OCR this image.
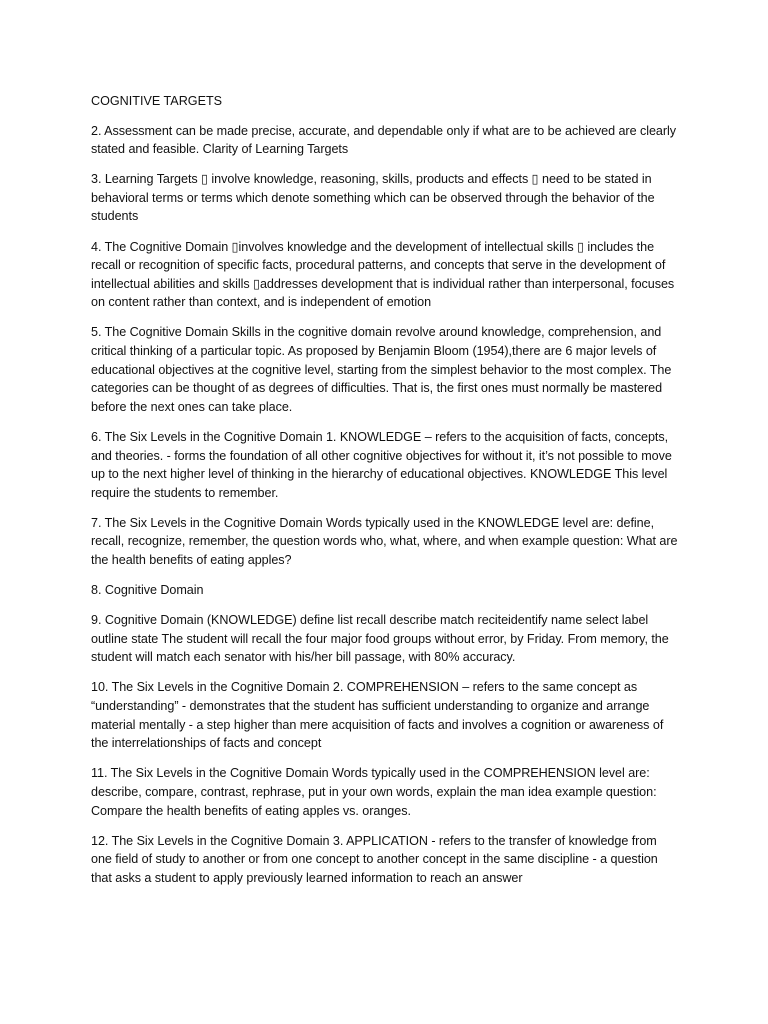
COGNITIVE TARGETS

2. Assessment can be made precise, accurate, and dependable only if what are to be achieved are clearly stated and feasible. Clarity of Learning Targets

3. Learning Targets ▯ involve knowledge, reasoning, skills, products and effects ▯ need to be stated in behavioral terms or terms which denote something which can be observed through the behavior of the students

4. The Cognitive Domain ▯involves knowledge and the development of intellectual skills ▯ includes the recall or recognition of specific facts, procedural patterns, and concepts that serve in the development of intellectual abilities and skills ▯addresses development that is individual rather than interpersonal, focuses on content rather than context, and is independent of emotion

5. The Cognitive Domain Skills in the cognitive domain revolve around knowledge, comprehension, and critical thinking of a particular topic. As proposed by Benjamin Bloom (1954),there are 6 major levels of educational objectives at the cognitive level, starting from the simplest behavior to the most complex. The categories can be thought of as degrees of difficulties. That is, the first ones must normally be mastered before the next ones can take place.

6. The Six Levels in the Cognitive Domain 1. KNOWLEDGE – refers to the acquisition of facts, concepts, and theories. - forms the foundation of all other cognitive objectives for without it, it’s not possible to move up to the next higher level of thinking in the hierarchy of educational objectives. KNOWLEDGE This level require the students to remember.

7. The Six Levels in the Cognitive Domain Words typically used in the KNOWLEDGE level are: define, recall, recognize, remember, the question words who, what, where, and when example question: What are the health benefits of eating apples?

8. Cognitive Domain

9. Cognitive Domain (KNOWLEDGE) define list recall describe match reciteidentify name select label outline state The student will recall the four major food groups without error, by Friday. From memory, the student will match each senator with his/her bill passage, with 80% accuracy.

10. The Six Levels in the Cognitive Domain 2. COMPREHENSION – refers to the same concept as “understanding” - demonstrates that the student has sufficient understanding to organize and arrange material mentally - a step higher than mere acquisition of facts and involves a cognition or awareness of the interrelationships of facts and concept

11. The Six Levels in the Cognitive Domain Words typically used in the COMPREHENSION level are: describe, compare, contrast, rephrase, put in your own words, explain the man idea example question: Compare the health benefits of eating apples vs. oranges.

12. The Six Levels in the Cognitive Domain 3. APPLICATION - refers to the transfer of knowledge from one field of study to another or from one concept to another concept in the same discipline - a question that asks a student to apply previously learned information to reach an answer
